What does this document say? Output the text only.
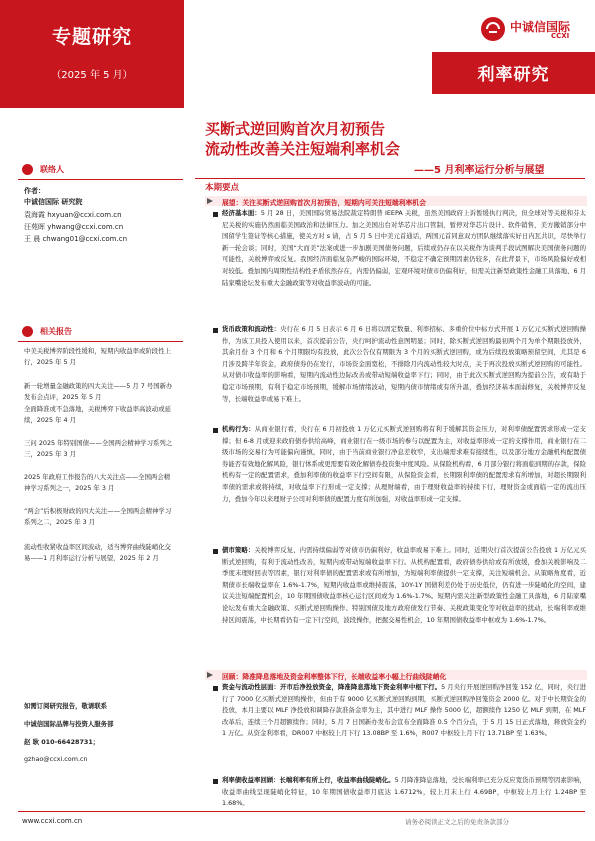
专题研究
（2025 年 5 月）
中诚信国际
CCXI
利率研究
买断式逆回购首次月初预告
流动性改善关注短端利率机会
——5 月利率运行分析与展望
联络人
作者：
中诚信国际 研究院
袁海霞 hxyuan@ccxi.com.cn
汪苑晖 yhwang@ccxi.com.cn
王 晨 chwang01@ccxi.com.cn
相关报告
中美关税博弈阶段性缓和，短期内收益率或阶段性上行，2025 年 5 月
新一轮增量金融政策的四大关注——5 月 7 号国新办发布会点评，2025 年 5 月
全面降准或不急落地，关税博弈下收益率高波动或延续，2025 年 4 月
三问 2025 年特别国债——全国两会精神学习系列之三，2025 年 3 月
2025 年政府工作报告的八大关注点——全国两会精神学习系列之一，2025 年 3 月
“两会”后积极财政的四大关注——全国两会精神学习系列之二，2025 年 3 月
流动性收紧收益率区间波动，适当博弈曲线陡峭化交易——1 月利率运行分析与展望，2025 年 2 月
如需订阅研究报告，敬请联系
中诚信国际品牌与投资人服务部
赵 耿 010-66428731；
gzhao@ccxi.com.cn
本期要点
展望：关注买断式逆回购首次月初预告，短期内可关注短端利率机会
经济基本面：5 月 28 日，美国国际贸易法院裁定特朗普 IEEPA 关税，虽然美国政府上诉暂缓执行判决，但全球对等关税和芬太尼关税的实施仍然面临美国政治和法律压力。加之美国出台对华芯片出口管制，暂停对华芯片设计、软件销售，美方撤销部分中国留学生签证等核心措施，使关方对 s 请，占 5 月 5 日中美元首通话，两国元首同意双方团队继续落实好日内瓦共识，尽快举行新一轮会谈；同时，美国“大而美”法案或进一步加剧美国债务问题，后续或仍存在以关税作为谈判手段试图解决美国债务问题的可能性，关税博弈或反复。我国经济面临复杂严峻的国际环境，不稳定不确定预期因素仍较多，在此背景下，市场风险偏好或相对较低。叠加国内周期性结构性矛盾依然存在，内需仍偏弱，宏观环境对债市仍偏利好，但需关注新型政策性金融工具落地、6 月陆家嘴论坛发布重大金融政策等对收益率波动的可能。
货币政策和流动性：央行在 6 月 5 日表示 6 月 6 日将以固定数量、利率招标、多重价位中标方式开展 1 万亿元买断式逆回购操作，为该工具投入使用以来，首次提前公告，央行呵护流动性意图明显；同时，除买断式逆回购最初两个月为单个期限投放外，其余月份 3 个月和 6 个月期限均有投放，此次公告仅有期限为 3 个月的买断式逆回购，或为后续投放策略预留空间，尤其是 6 月涉及跨半年资金，政府债券仍在发行，市场资金面宽松，不排除月内流动性较大时点，关于再次投放买断式逆回购的可能性。从对债市收益率的影响看，短期内流动性边际改善或带动短端收益率下行；同时，由于此次买断式逆回购为提前公告，或有助于稳定市场预期，有利于稳定市场预期，缓解市场情绪波动，短期内债市情绪或有所升温，叠加经济基本面弱修复，关税博弈反复等，长端收益率或易下难上。
机构行为：从商业银行看，央行在 6 月初投放 1 万亿元买断式逆回购将有利于缓解其资金压力，对利率债配置需求形成一定支撑；但 6-8 月或迎来政府债券供给高峰，商业银行在一级市场的参与以配置为主，对收益率形成一定的支撑作用，商业银行在二级市场的交易行为可能偏向谨慎，同时，由于当前商业银行净息差收窄，支出端需求难有接续性，以及部分地方金融机构配置债券能否有效地化解风险，银行体系或更需要有效化解债券投资集中度风险。从保险机构看，6 月部分银行将面临到期的存款，保险机构有一定的配置需求，叠加利率债的收益率下行空间有限，从保险资金看，长期限利率债的配置需求有所增加，对超长期限利率债的需求或将持续，对收益率下行形成一定支撑；从理财端看，由于理财收益率的持续下行，理财资金或面临一定的流出压力，叠加今年以来理财子公司对利率债的配置力度有所加强，对收益率形成一定支撑。
债市策略：关税博弈反复、内需持续偏弱等对债市仍偏利好，收益率或易下难上。同时，近期央行首次提前公告投放 1 万亿元买断式逆回购，有利于流动性改善，短期内或带动短端收益率下行。从机构配置看，政府债券供给或有所放缓，叠加关税影响及二季度末理财回表等因素，银行对利率债的配置需求或有所增加，为短端利率债提供一定支撑，关注短端机会。从策略角度看，近期债市长端收益率在 1.6%-1.7%，短期内收益率或维持震荡，10Y-1Y 国债利差仍处于历史低位，仍有进一步陡峭化的空间，建议关注短端配置机会，10 年期国债收益率核心运行区间或为 1.6%-1.7%。短期内需关注新型政策性金融工具落地，6 月陆家嘴论坛发布重大金融政策、买断式逆回购操作、特别国债及地方政府债发行节奏、关税政策变化等对收益率的扰动，长端利率或维持区间震荡，中长期看仍有一定下行空间，波段操作，把握交易性机会，10 年期国债收益率中枢或为 1.6%-1.7%。
回顾：降准降息落地及资金利率整体下行，长端收益率小幅上行曲线陡峭化
资金与流动性层面：开市后净投放资金，降准降息落地下资金利率中枢下行。5 月央行开展逆回购净回笼 152 亿，同时，央行进行了 7000 亿买断式逆回购操作，但由于有 9000 亿买断式逆回购到期，买断式逆回购净回笼资金 2000 亿。对于中长期资金的投放，本月主要以 MLF 净投放和调降存款准备金率为主，其中进行 MLF 操作 5000 亿，超额续作 1250 亿 MLF 到期，在 MLF 改革后，连续三个月超额续作；同时，5 月 7 日国新办发布会宣布全面降准 0.5 个百分点，于 5 月 15 日正式落地，释放资金约 1 万亿。从资金利率看，DR007 中枢较上月下行 13.08BP 至 1.6%，R007 中枢较上月下行 13.71BP 至 1.63%。
利率债收益率回顾：长端利率有所上行，收益率曲线陡峭化。5 月降准降息落地，受长端利率已充分反应宽货币预期等因素影响，收益率曲线呈现陡峭化特征，10 年期国债收益率月底达 1.6712%，较上月末上行 4.69BP，中枢较上月上行 1.24BP 至 1.68%。
www.ccxi.com.cn	请务必阅读正文之后的免责条款部分
